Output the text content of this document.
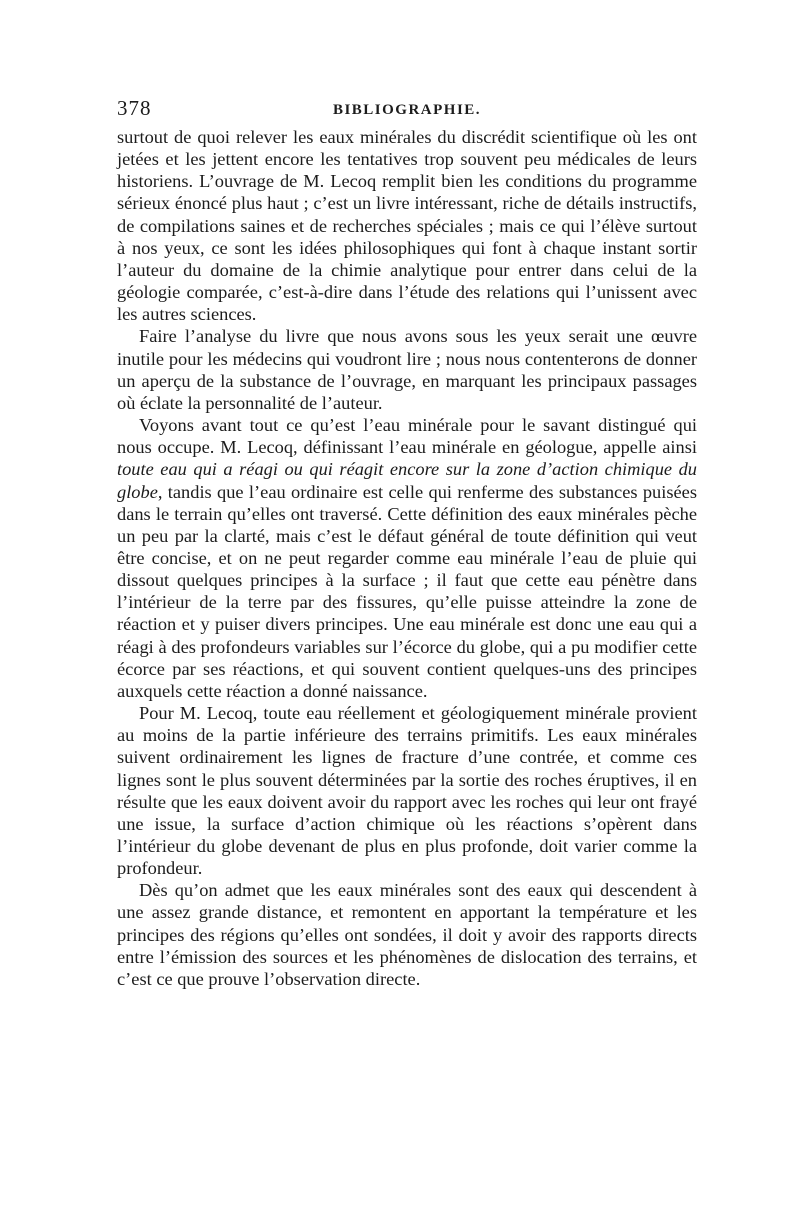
378	BIBLIOGRAPHIE.

surtout de quoi relever les eaux minérales du discrédit scientifique où les ont jetées et les jettent encore les tentatives trop souvent peu médicales de leurs historiens. L’ouvrage de M. Lecoq remplit bien les conditions du programme sérieux énoncé plus haut ; c’est un livre intéressant, riche de détails instructifs, de compilations saines et de recherches spéciales ; mais ce qui l’élève surtout à nos yeux, ce sont les idées philosophiques qui font à chaque instant sortir l’auteur du domaine de la chimie analytique pour entrer dans celui de la géologie comparée, c’est-à-dire dans l’étude des relations qui l’unissent avec les autres sciences.

Faire l’analyse du livre que nous avons sous les yeux serait une œuvre inutile pour les médecins qui voudront lire ; nous nous contenterons de donner un aperçu de la substance de l’ouvrage, en marquant les principaux passages où éclate la personnalité de l’auteur.

Voyons avant tout ce qu’est l’eau minérale pour le savant distingué qui nous occupe. M. Lecoq, définissant l’eau minérale en géologue, appelle ainsi toute eau qui a réagi ou qui réagit encore sur la zone d’action chimique du globe, tandis que l’eau ordinaire est celle qui renferme des substances puisées dans le terrain qu’elles ont traversé. Cette définition des eaux minérales pèche un peu par la clarté, mais c’est le défaut général de toute définition qui veut être concise, et on ne peut regarder comme eau minérale l’eau de pluie qui dissout quelques principes à la surface ; il faut que cette eau pénètre dans l’intérieur de la terre par des fissures, qu’elle puisse atteindre la zone de réaction et y puiser divers principes. Une eau minérale est donc une eau qui a réagi à des profondeurs variables sur l’écorce du globe, qui a pu modifier cette écorce par ses réactions, et qui souvent contient quelques-uns des principes auxquels cette réaction a donné naissance.

Pour M. Lecoq, toute eau réellement et géologiquement minérale provient au moins de la partie inférieure des terrains primitifs. Les eaux minérales suivent ordinairement les lignes de fracture d’une contrée, et comme ces lignes sont le plus souvent déterminées par la sortie des roches éruptives, il en résulte que les eaux doivent avoir du rapport avec les roches qui leur ont frayé une issue, la surface d’action chimique où les réactions s’opèrent dans l’intérieur du globe devenant de plus en plus profonde, doit varier comme la profondeur.

Dès qu’on admet que les eaux minérales sont des eaux qui descendent à une assez grande distance, et remontent en apportant la température et les principes des régions qu’elles ont sondées, il doit y avoir des rapports directs entre l’émission des sources et les phénomènes de dislocation des terrains, et c’est ce que prouve l’observation directe.
